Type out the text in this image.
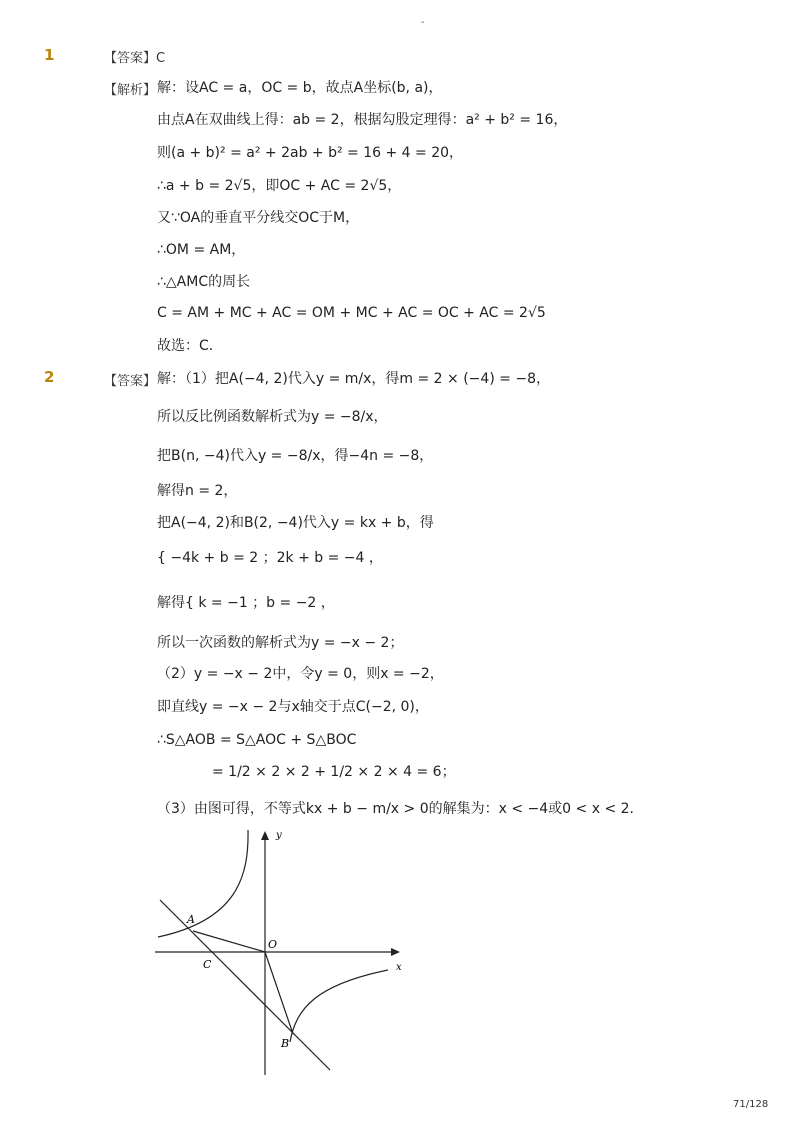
-
1	【答案】C
【解析】 解：设AC = a，OC = b，故点A坐标(b, a)，
由点A在双曲线上得：ab = 2，根据勾股定理得：a² + b² = 16，
则(a + b)² = a² + 2ab + b² = 16 + 4 = 20，
∴a + b = 2√5，即OC + AC = 2√5，
又∵OA的垂直平分线交OC于M，
∴OM = AM，
∴△AMC的周长
C = AM + MC + AC = OM + MC + AC = OC + AC = 2√5
故选：C．
2	【答案】 解：（1）把A(−4, 2)代入y = m/x，得m = 2 × (−4) = −8，
所以反比例函数解析式为y = −8/x，
把B(n, −4)代入y = −8/x，得−4n = −8，
解得n = 2，
把A(−4, 2)和B(2, −4)代入y = kx + b，得
{ −4k + b = 2 ；2k + b = −4 ，
解得{ k = −1 ；b = −2 ，
所以一次函数的解析式为y = −x − 2；
（2）y = −x − 2中，令y = 0，则x = −2，
即直线y = −x − 2与x轴交于点C(−2, 0)，
∴S△AOB = S△AOC + S△BOC
= 1/2 × 2 × 2 + 1/2 × 2 × 4 = 6；
（3）由图可得，不等式kx + b − m/x > 0的解集为：x < −4或0 < x < 2．
A
C
O
B
x
y
71/128
